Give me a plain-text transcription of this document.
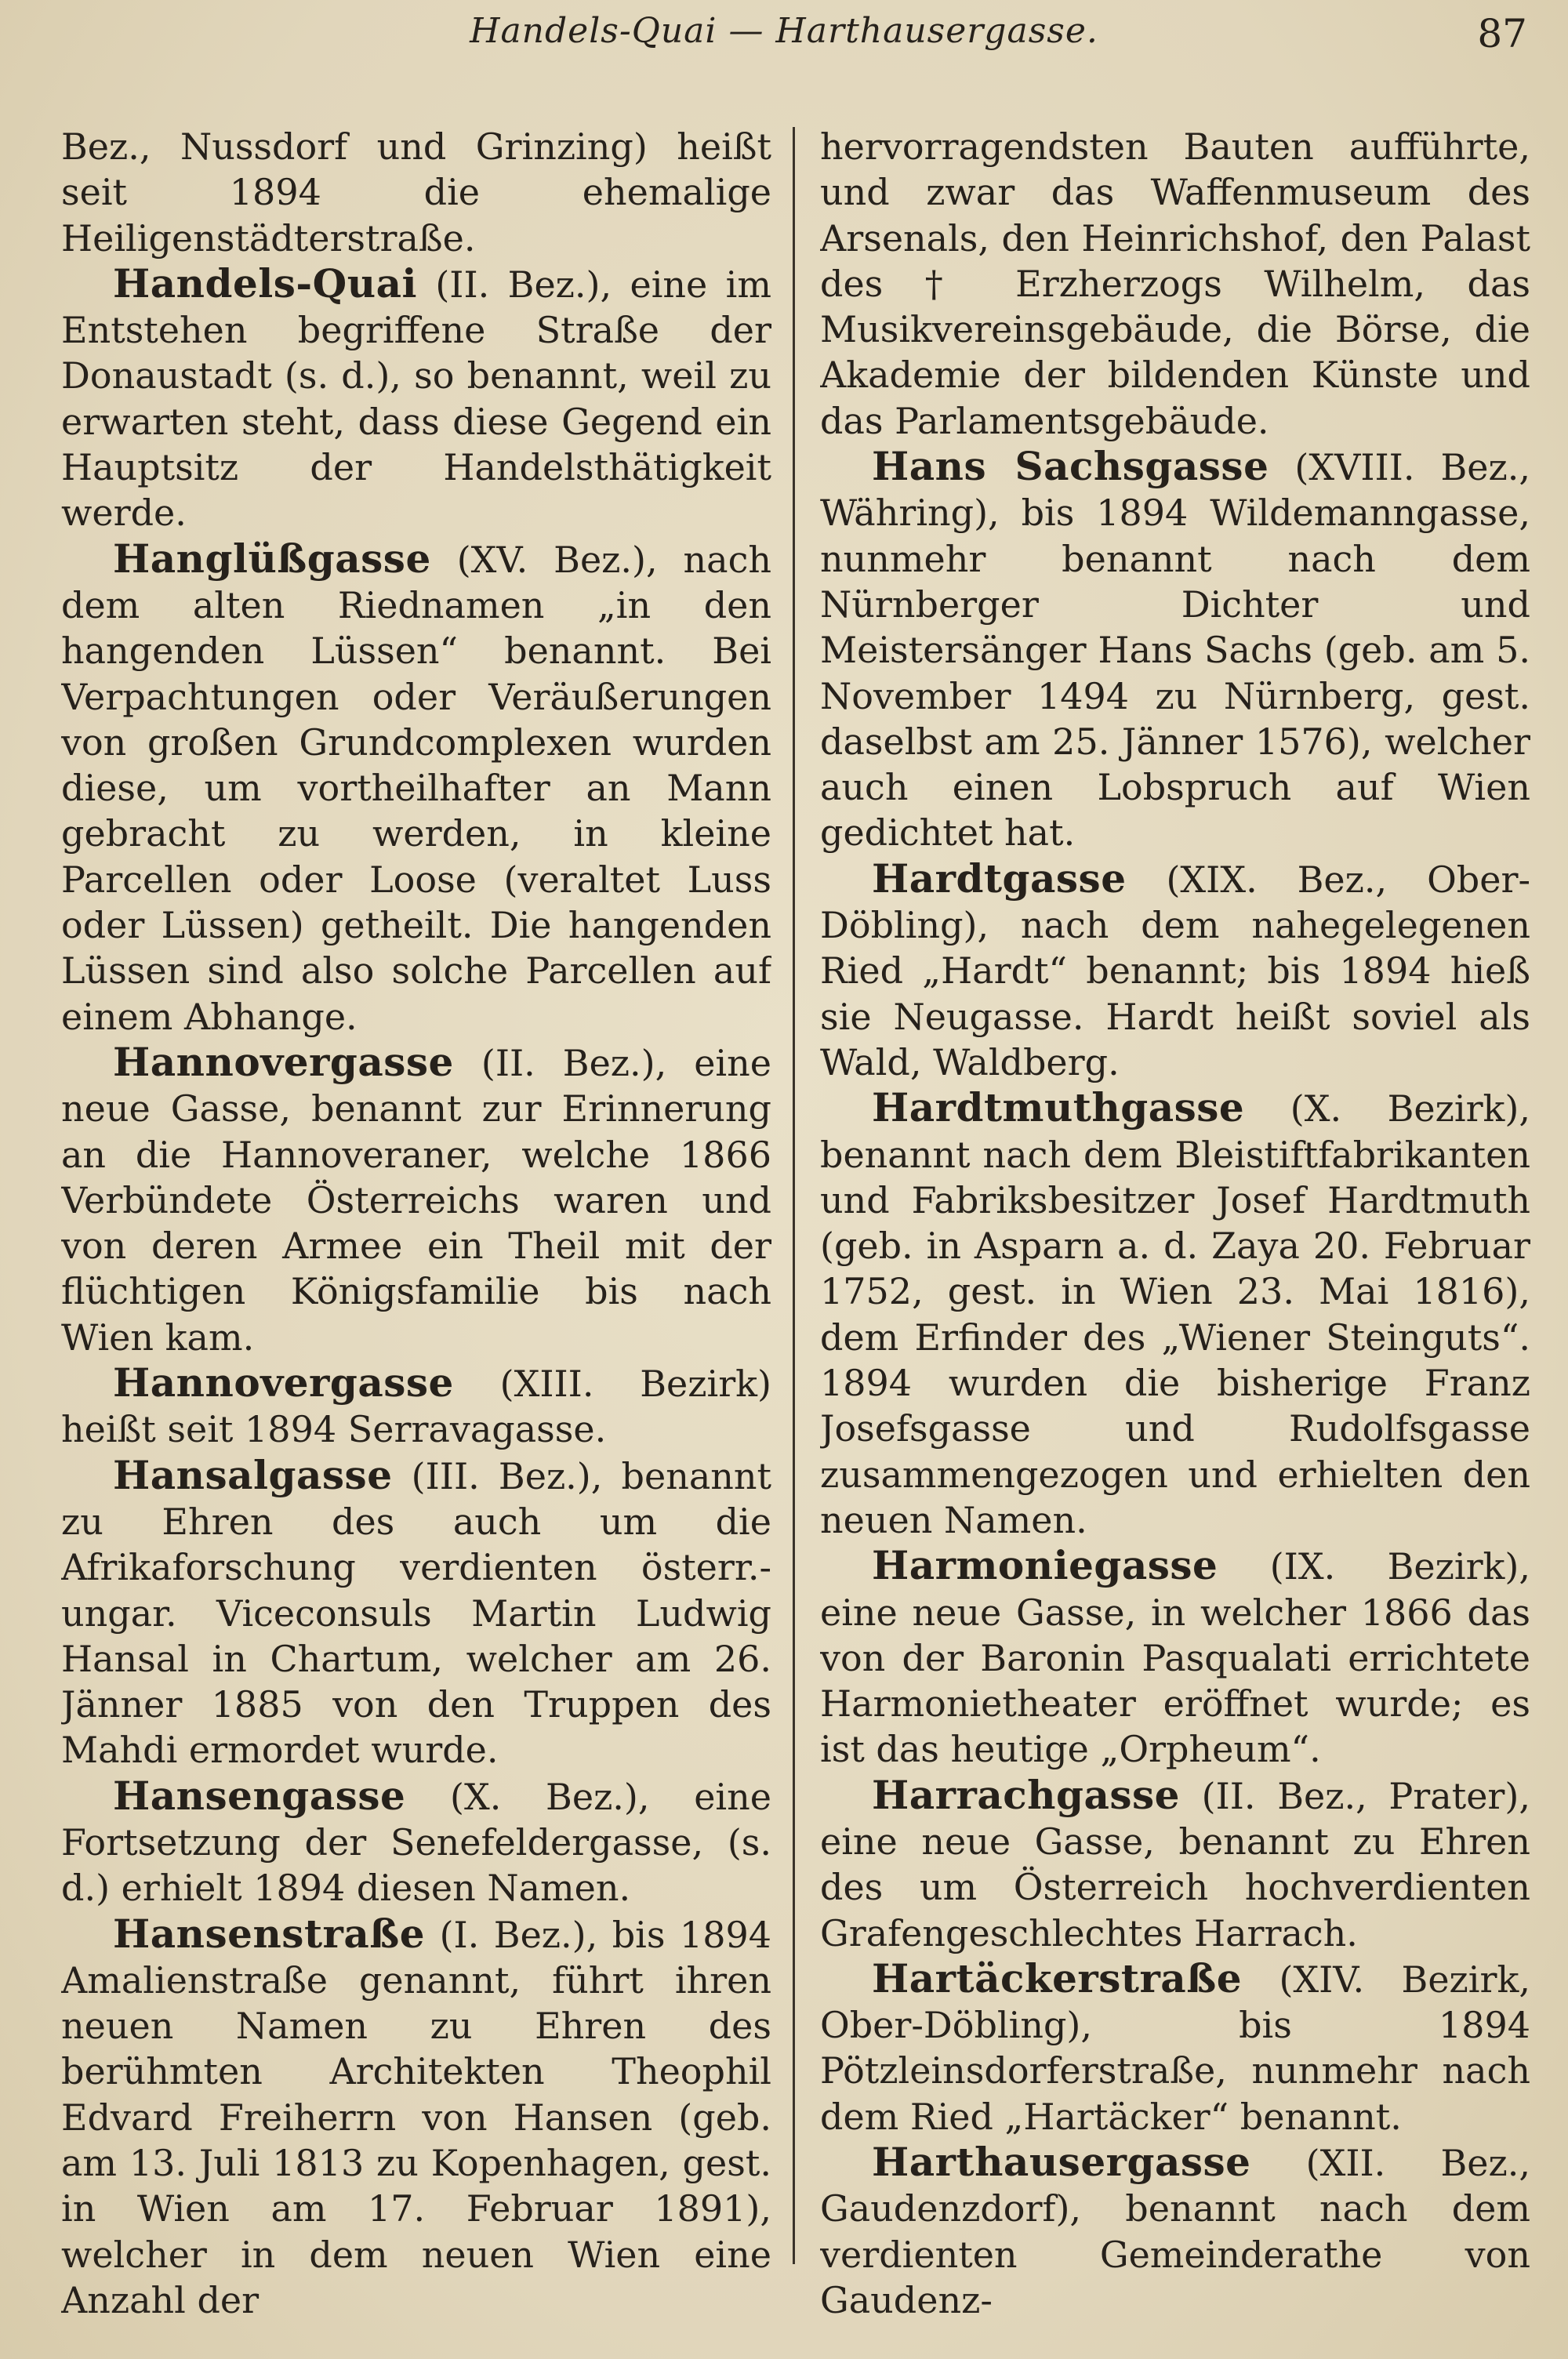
Handels-Quai — Harthausergasse.	87

Bez., Nussdorf und Grinzing) heißt seit 1894 die ehemalige Heiligenstädterstraße.

Handels-Quai (II. Bez.), eine im Entstehen begriffene Straße der Donaustadt (s. d.), so benannt, weil zu erwarten steht, dass diese Gegend ein Hauptsitz der Handelsthätigkeit werde.

Hanglüßgasse (XV. Bez.), nach dem alten Riednamen „in den hangenden Lüssen“ benannt. Bei Verpachtungen oder Veräußerungen von großen Grundcomplexen wurden diese, um vortheilhafter an Mann gebracht zu werden, in kleine Parcellen oder Loose (veraltet Luss oder Lüssen) getheilt. Die hangenden Lüssen sind also solche Parcellen auf einem Abhange.

Hannovergasse (II. Bez.), eine neue Gasse, benannt zur Erinnerung an die Hannoveraner, welche 1866 Verbündete Österreichs waren und von deren Armee ein Theil mit der flüchtigen Königsfamilie bis nach Wien kam.

Hannovergasse (XIII. Bezirk) heißt seit 1894 Serravagasse.

Hansalgasse (III. Bez.), benannt zu Ehren des auch um die Afrikaforschung verdienten österr.-ungar. Viceconsuls Martin Ludwig Hansal in Chartum, welcher am 26. Jänner 1885 von den Truppen des Mahdi ermordet wurde.

Hansengasse (X. Bez.), eine Fortsetzung der Senefeldergasse, (s. d.) erhielt 1894 diesen Namen.

Hansenstraße (I. Bez.), bis 1894 Amalienstraße genannt, führt ihren neuen Namen zu Ehren des berühmten Architekten Theophil Edvard Freiherrn von Hansen (geb. am 13. Juli 1813 zu Kopenhagen, gest. in Wien am 17. Februar 1891), welcher in dem neuen Wien eine Anzahl der

hervorragendsten Bauten aufführte, und zwar das Waffenmuseum des Arsenals, den Heinrichshof, den Palast des † Erzherzogs Wilhelm, das Musikvereinsgebäude, die Börse, die Akademie der bildenden Künste und das Parlamentsgebäude.

Hans Sachsgasse (XVIII. Bez., Währing), bis 1894 Wildemanngasse, nunmehr benannt nach dem Nürnberger Dichter und Meistersänger Hans Sachs (geb. am 5. November 1494 zu Nürnberg, gest. daselbst am 25. Jänner 1576), welcher auch einen Lobspruch auf Wien gedichtet hat.

Hardtgasse (XIX. Bez., Ober-Döbling), nach dem nahegelegenen Ried „Hardt“ benannt; bis 1894 hieß sie Neugasse. Hardt heißt soviel als Wald, Waldberg.

Hardtmuthgasse (X. Bezirk), benannt nach dem Bleistiftfabrikanten und Fabriksbesitzer Josef Hardtmuth (geb. in Asparn a. d. Zaya 20. Februar 1752, gest. in Wien 23. Mai 1816), dem Erfinder des „Wiener Steinguts“. 1894 wurden die bisherige Franz Josefsgasse und Rudolfsgasse zusammengezogen und erhielten den neuen Namen.

Harmoniegasse (IX. Bezirk), eine neue Gasse, in welcher 1866 das von der Baronin Pasqualati errichtete Harmonietheater eröffnet wurde; es ist das heutige „Orpheum“.

Harrachgasse (II. Bez., Prater), eine neue Gasse, benannt zu Ehren des um Österreich hochverdienten Grafengeschlechtes Harrach.

Hartäckerstraße (XIV. Bezirk, Ober-Döbling), bis 1894 Pötzleinsdorferstraße, nunmehr nach dem Ried „Hartäcker“ benannt.

Harthausergasse (XII. Bez., Gaudenzdorf), benannt nach dem verdienten Gemeinderathe von Gaudenz-
